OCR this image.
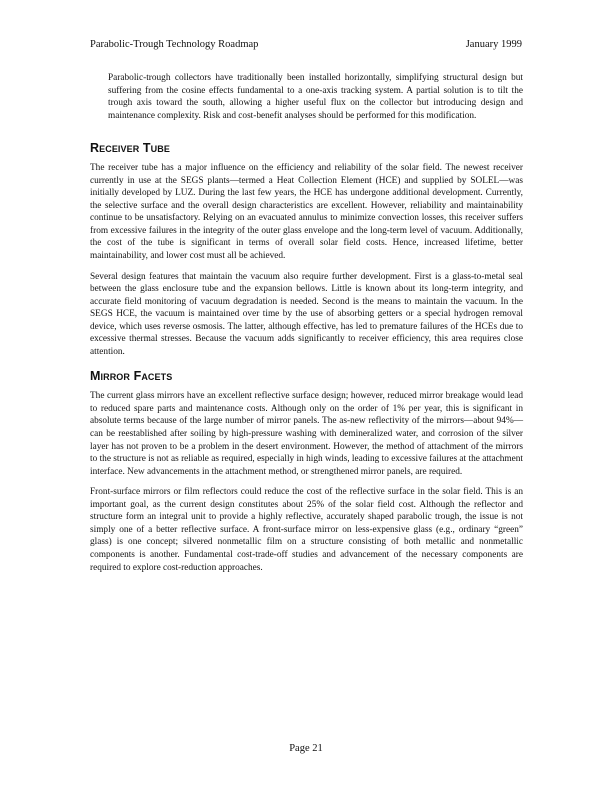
Parabolic-Trough Technology Roadmap	January 1999

Parabolic-trough collectors have traditionally been installed horizontally, simplifying structural design but suffering from the cosine effects fundamental to a one-axis tracking system. A partial solution is to tilt the trough axis toward the south, allowing a higher useful flux on the collector but introducing design and maintenance complexity. Risk and cost-benefit analyses should be performed for this modification.

Receiver Tube

The receiver tube has a major influence on the efficiency and reliability of the solar field. The newest receiver currently in use at the SEGS plants—termed a Heat Collection Element (HCE) and supplied by SOLEL—was initially developed by LUZ. During the last few years, the HCE has undergone additional development. Currently, the selective surface and the overall design characteristics are excellent. However, reliability and maintainability continue to be unsatisfactory. Relying on an evacuated annulus to minimize convection losses, this receiver suffers from excessive failures in the integrity of the outer glass envelope and the long-term level of vacuum. Additionally, the cost of the tube is significant in terms of overall solar field costs. Hence, increased lifetime, better maintainability, and lower cost must all be achieved.

Several design features that maintain the vacuum also require further development. First is a glass-to-metal seal between the glass enclosure tube and the expansion bellows. Little is known about its long-term integrity, and accurate field monitoring of vacuum degradation is needed. Second is the means to maintain the vacuum. In the SEGS HCE, the vacuum is maintained over time by the use of absorbing getters or a special hydrogen removal device, which uses reverse osmosis. The latter, although effective, has led to premature failures of the HCEs due to excessive thermal stresses. Because the vacuum adds significantly to receiver efficiency, this area requires close attention.

Mirror Facets

The current glass mirrors have an excellent reflective surface design; however, reduced mirror breakage would lead to reduced spare parts and maintenance costs. Although only on the order of 1% per year, this is significant in absolute terms because of the large number of mirror panels. The as-new reflectivity of the mirrors—about 94%—can be reestablished after soiling by high-pressure washing with demineralized water, and corrosion of the silver layer has not proven to be a problem in the desert environment. However, the method of attachment of the mirrors to the structure is not as reliable as required, especially in high winds, leading to excessive failures at the attachment interface. New advancements in the attachment method, or strengthened mirror panels, are required.

Front-surface mirrors or film reflectors could reduce the cost of the reflective surface in the solar field. This is an important goal, as the current design constitutes about 25% of the solar field cost. Although the reflector and structure form an integral unit to provide a highly reflective, accurately shaped parabolic trough, the issue is not simply one of a better reflective surface. A front-surface mirror on less-expensive glass (e.g., ordinary “green” glass) is one concept; silvered nonmetallic film on a structure consisting of both metallic and nonmetallic components is another. Fundamental cost-trade-off studies and advancement of the necessary components are required to explore cost-reduction approaches.

Page 21
